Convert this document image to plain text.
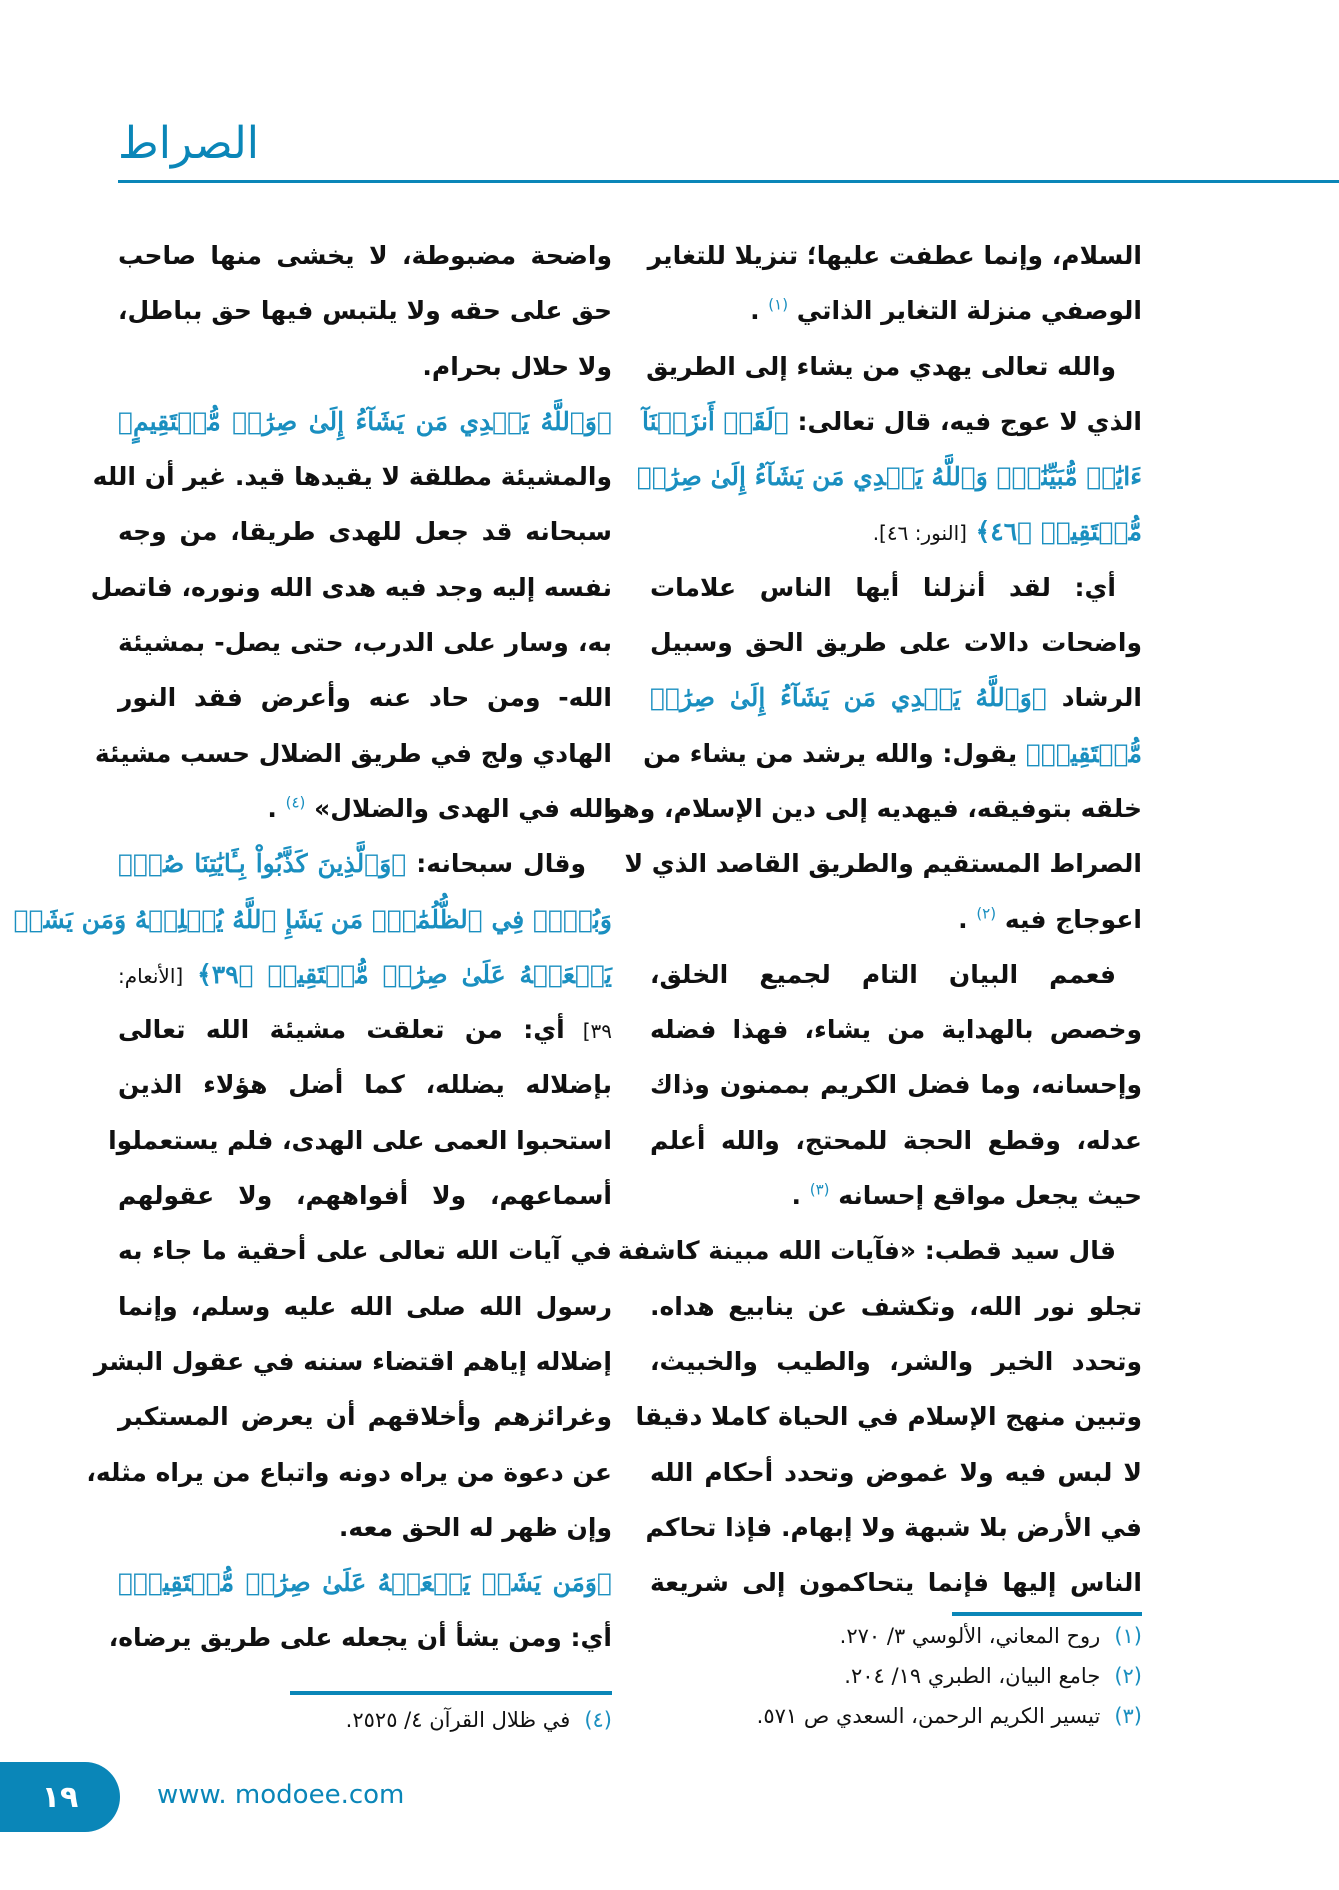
الصراط
السلام، وإنما عطفت عليها؛ تنزيلا للتغاير
الوصفي منزلة التغاير الذاتي $^{(١)}$ .
والله تعالى يهدي من يشاء إلى الطريق
الذي لا عوج فيه، قال تعالى: ﴿لَقَدۡ أَنزَلۡنَآ
ءَايَٰتٖ مُّبَيِّنَٰتٖۚ وَٱللَّهُ يَهۡدِي مَن يَشَآءُ إِلَىٰ صِرَٰطٖ
مُّسۡتَقِيمٖ ﴿٤٦﴾ [النور: ٤٦].
أي: لقد أنزلنا أيها الناس علامات
واضحات دالات على طريق الحق وسبيل
الرشاد ﴿وَٱللَّهُ يَهۡدِي مَن يَشَآءُ إِلَىٰ صِرَٰطٖ
مُّسۡتَقِيمٖ﴾ يقول: والله يرشد من يشاء من
خلقه بتوفيقه، فيهديه إلى دين الإسلام، وهو
الصراط المستقيم والطريق القاصد الذي لا
اعوجاج فيه $^{(٢)}$ .
فعمم البيان التام لجميع الخلق،
وخصص بالهداية من يشاء، فهذا فضله
وإحسانه، وما فضل الكريم بممنون وذاك
عدله، وقطع الحجة للمحتج، والله أعلم
حيث يجعل مواقع إحسانه $^{(٣)}$ .
قال سيد قطب: «فآيات الله مبينة كاشفة
تجلو نور الله، وتكشف عن ينابيع هداه.
وتحدد الخير والشر، والطيب والخبيث،
وتبين منهج الإسلام في الحياة كاملا دقيقا
لا لبس فيه ولا غموض وتحدد أحكام الله
في الأرض بلا شبهة ولا إبهام. فإذا تحاكم
الناس إليها فإنما يتحاكمون إلى شريعة
واضحة مضبوطة، لا يخشى منها صاحب
حق على حقه ولا يلتبس فيها حق بباطل،
ولا حلال بحرام.
﴿وَٱللَّهُ يَهۡدِي مَن يَشَآءُ إِلَىٰ صِرَٰطٖ مُّسۡتَقِيمٍ﴾
والمشيئة مطلقة لا يقيدها قيد. غير أن الله
سبحانه قد جعل للهدى طريقا، من وجه
نفسه إليه وجد فيه هدى الله ونوره، فاتصل
به، وسار على الدرب، حتى يصل- بمشيئة
الله- ومن حاد عنه وأعرض فقد النور
الهادي ولج في طريق الضلال حسب مشيئة
الله في الهدى والضلال» $^{(٤)}$ .
وقال سبحانه: ﴿وَٱلَّذِينَ كَذَّبُواْ بِـَٔايَٰتِنَا صُمّٞ
وَبُكۡمٞ فِي ٱلظُّلُمَٰتِۗ مَن يَشَإِ ٱللَّهُ يُضۡلِلۡهُ وَمَن يَشَأۡ
يَجۡعَلۡهُ عَلَىٰ صِرَٰطٖ مُّسۡتَقِيمٖ ﴿٣٩﴾ [الأنعام:
٣٩] أي: من تعلقت مشيئة الله تعالى
بإضلاله يضلله، كما أضل هؤلاء الذين
استحبوا العمى على الهدى، فلم يستعملوا
أسماعهم، ولا أفواههم، ولا عقولهم
في آيات الله تعالى على أحقية ما جاء به
رسول الله صلى الله عليه وسلم، وإنما
إضلاله إياهم اقتضاء سننه في عقول البشر
وغرائزهم وأخلاقهم أن يعرض المستكبر
عن دعوة من يراه دونه واتباع من يراه مثله،
وإن ظهر له الحق معه.
﴿وَمَن يَشَأۡ يَجۡعَلۡهُ عَلَىٰ صِرَٰطٖ مُّسۡتَقِيمٖ﴾
أي: ومن يشأ أن يجعله على طريق يرضاه،	(١)روح المعاني، الألوسي ٣/ ٢٧٠.
(٢)جامع البيان، الطبري ١٩/ ٢٠٤.
(٣)تيسير الكريم الرحمن، السعدي ص ٥٧١.
(٤)في ظلال القرآن ٤/ ٢٥٢٥.
١٩	www. modoee.com
